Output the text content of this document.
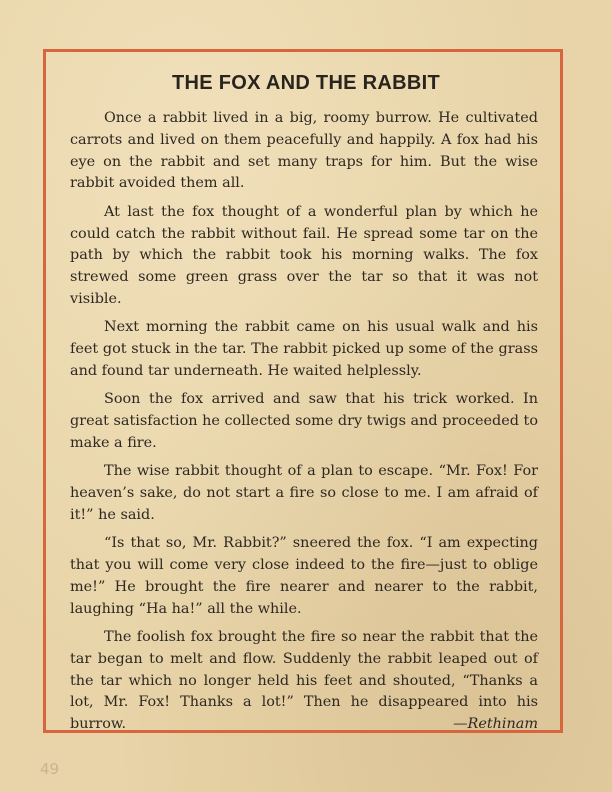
THE FOX AND THE RABBIT

Once a rabbit lived in a big, roomy burrow. He cultivated carrots and lived on them peacefully and happily. A fox had his eye on the rabbit and set many traps for him. But the wise rabbit avoided them all.

At last the fox thought of a wonderful plan by which he could catch the rabbit without fail. He spread some tar on the path by which the rabbit took his morning walks. The fox strewed some green grass over the tar so that it was not visible.

Next morning the rabbit came on his usual walk and his feet got stuck in the tar. The rabbit picked up some of the grass and found tar underneath. He waited helplessly.

Soon the fox arrived and saw that his trick worked. In great satisfaction he collected some dry twigs and proceeded to make a fire.

The wise rabbit thought of a plan to escape. “Mr. Fox! For heaven’s sake, do not start a fire so close to me. I am afraid of it!” he said.

“Is that so, Mr. Rabbit?” sneered the fox. “I am expecting that you will come very close indeed to the fire—just to oblige me!” He brought the fire nearer and nearer to the rabbit, laughing “Ha ha!” all the while.

The foolish fox brought the fire so near the rabbit that the tar began to melt and flow. Suddenly the rabbit leaped out of the tar which no longer held his feet and shouted, “Thanks a lot, Mr. Fox! Thanks a lot!” Then he disappeared into his burrow.	—Rethinam

49
